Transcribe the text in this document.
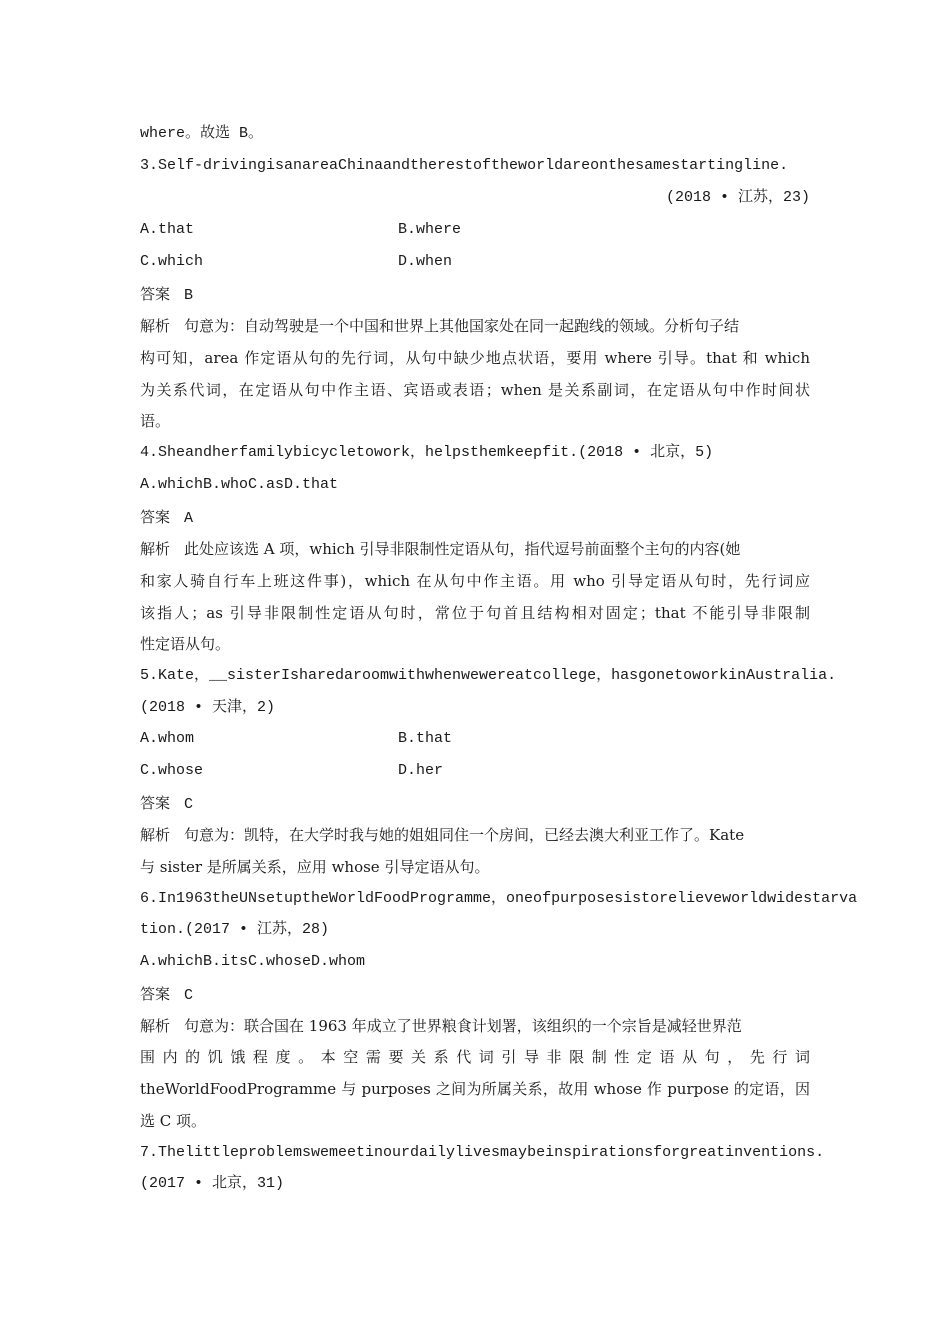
where。故选 B。
3.Self-drivingisanareaChinaandtherestoftheworldareonthesamestartingline.
(2018 • 江苏，23)
A.that	B.where
C.which	D.when
答案 B
解析 句意为：自动驾驶是一个中国和世界上其他国家处在同一起跑线的领域。分析句子结
构可知，area 作定语从句的先行词，从句中缺少地点状语，要用 where 引导。that 和 which
为关系代词，在定语从句中作主语、宾语或表语；when 是关系副词，在定语从句中作时间状
语。
4.Sheandherfamilybicycletowork，helpsthemkeepfit.(2018 • 北京，5)
A.whichB.whoC.asD.that
答案 A
解析 此处应该选 A 项，which 引导非限制性定语从句，指代逗号前面整个主句的内容(她
和家人骑自行车上班这件事)，which 在从句中作主语。用 who 引导定语从句时，先行词应
该指人；as 引导非限制性定语从句时，常位于句首且结构相对固定；that 不能引导非限制
性定语从句。
5.Kate，__sisterIsharedaroomwithwhenwewereatcollege，hasgonetoworkinAustralia.
(2018 • 天津，2)
A.whom	B.that
C.whose	D.her
答案 C
解析 句意为：凯特，在大学时我与她的姐姐同住一个房间，已经去澳大利亚工作了。Kate
与 sister 是所属关系，应用 whose 引导定语从句。
6.In1963theUNsetuptheWorldFoodProgramme，oneofpurposesistorelieveworldwidestarva
tion.(2017 • 江苏，28)
A.whichB.itsC.whoseD.whom
答案 C
解析 句意为：联合国在 1963 年成立了世界粮食计划署，该组织的一个宗旨是减轻世界范
围内的饥饿程度。本空需要关系代词引导非限制性定语从句，先行词
theWorldFoodProgramme 与 purposes 之间为所属关系，故用 whose 作 purpose 的定语，因
选 C 项。
7.Thelittleproblemswemeetinourdailylivesmaybeinspirationsforgreatinventions.
(2017 • 北京，31)
